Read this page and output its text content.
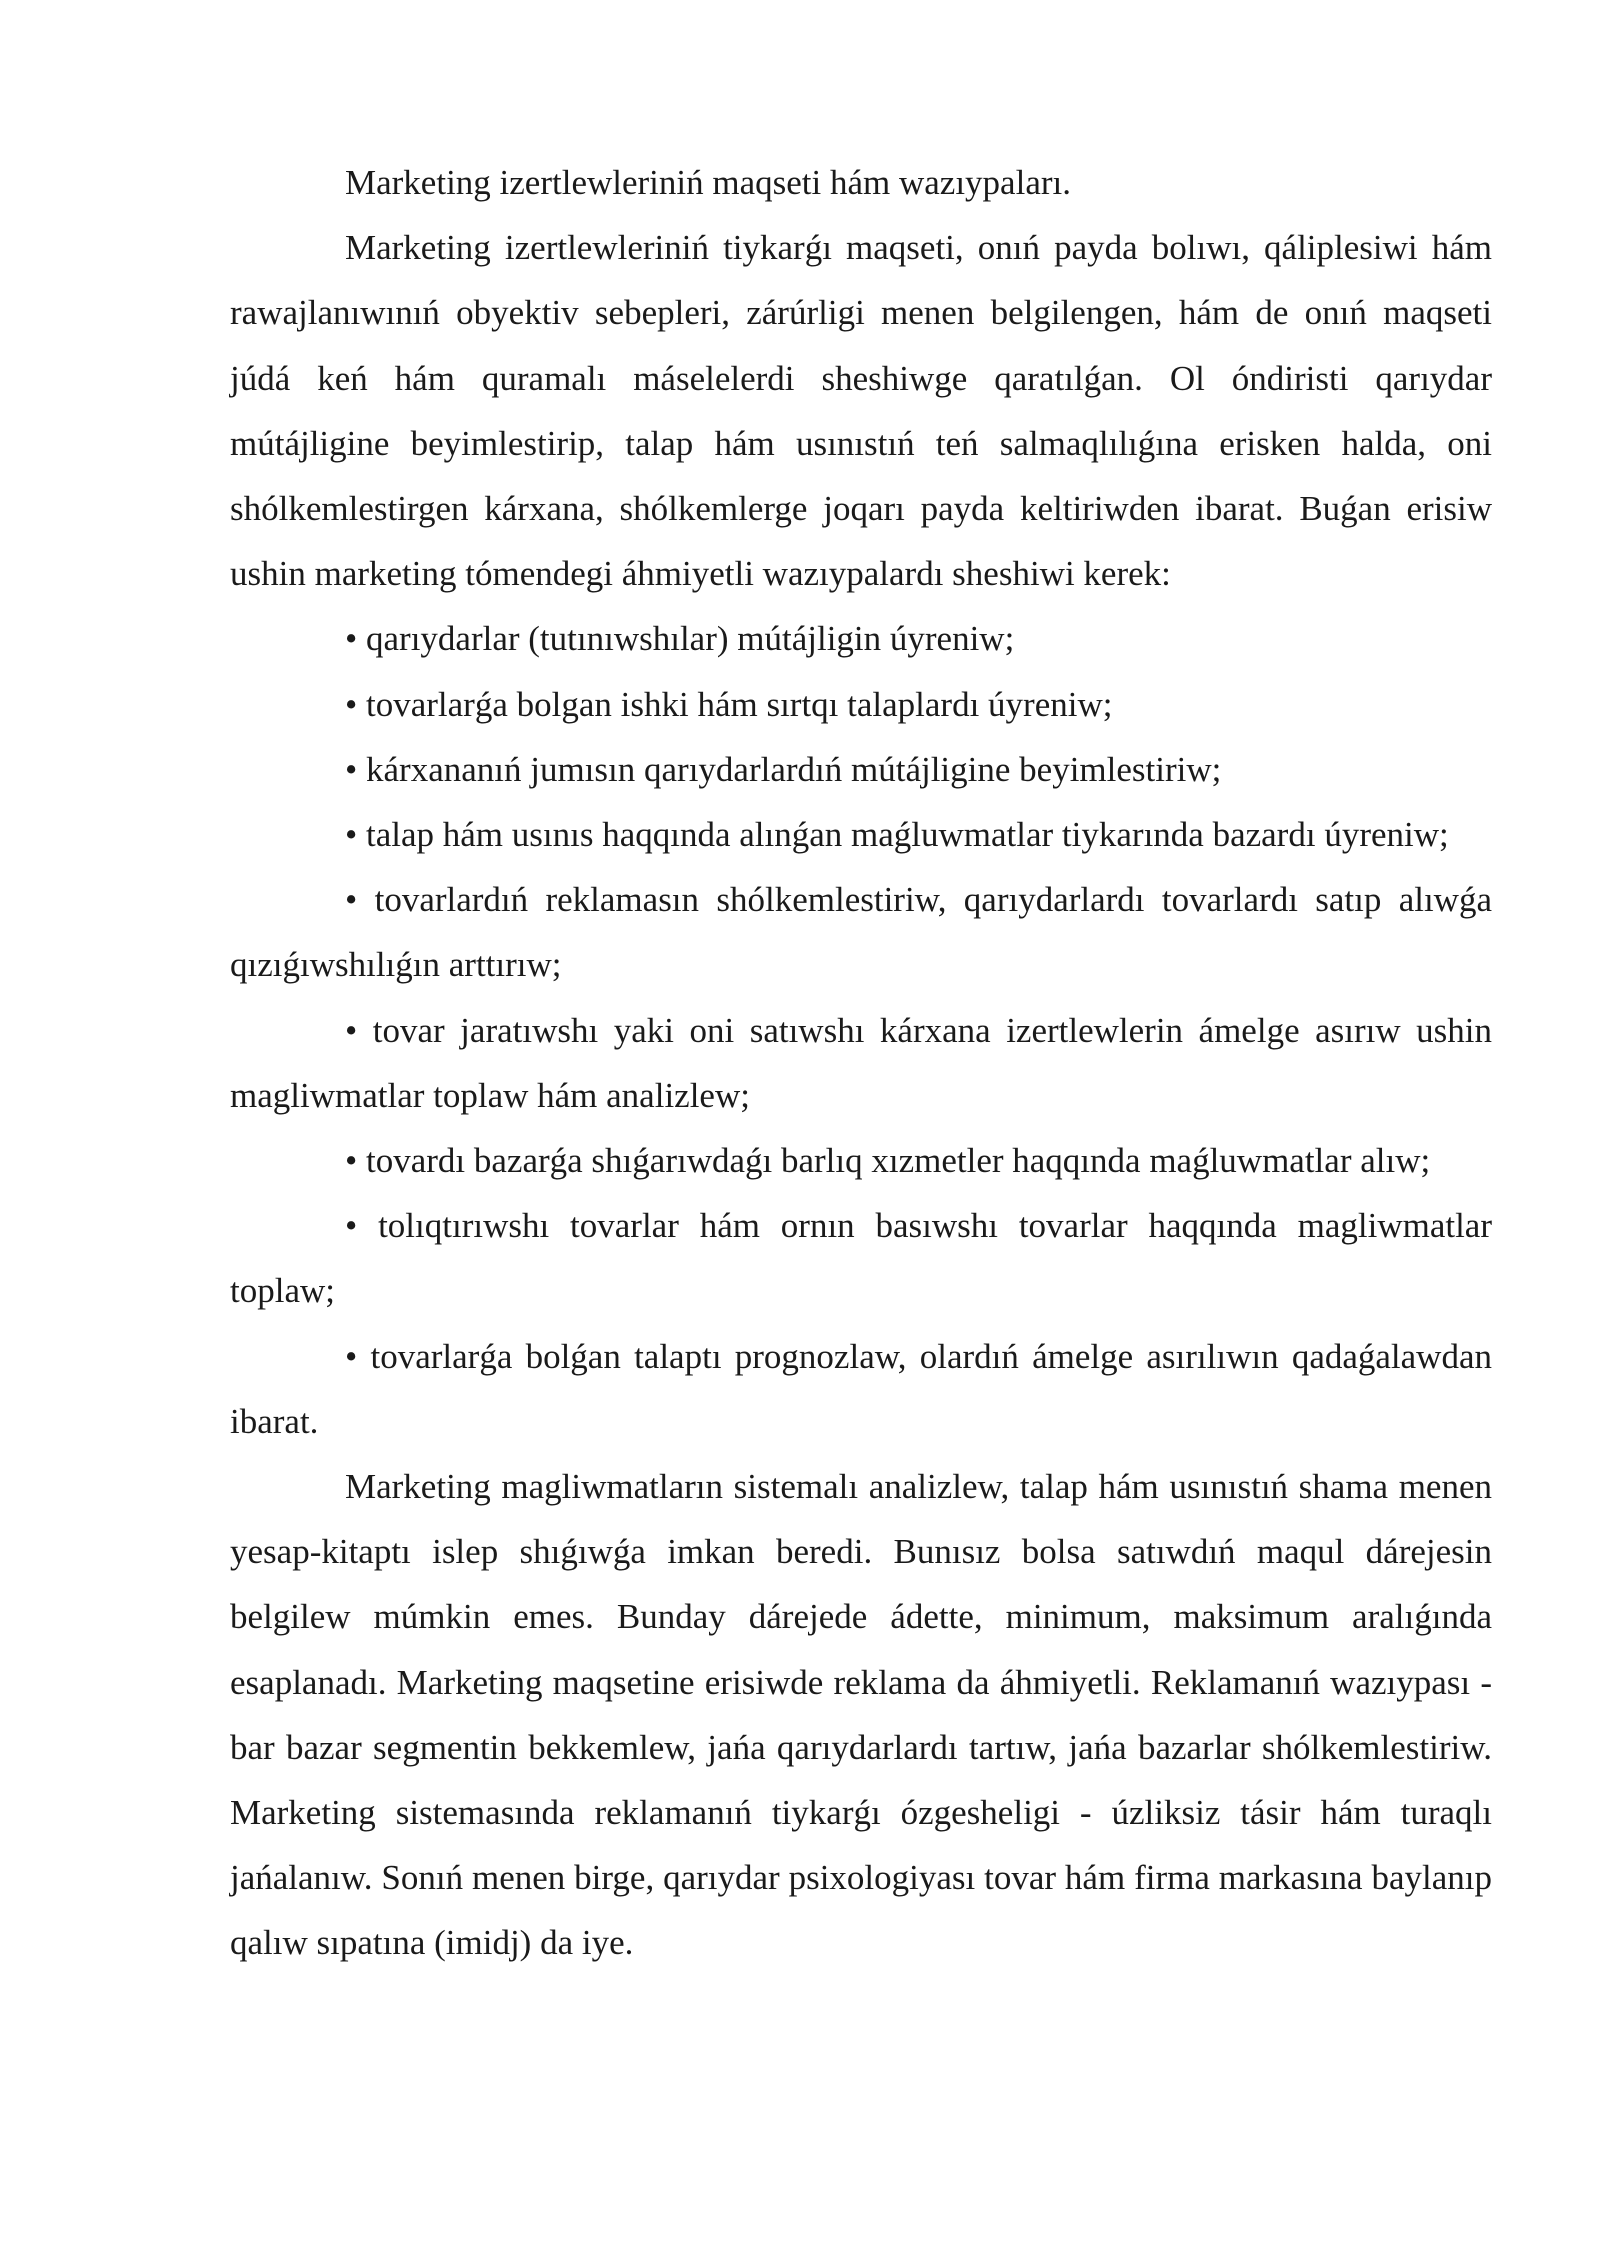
Marketing izertlewleriniń maqseti hám wazıypaları.

Marketing izertlewleriniń tiykarǵı maqseti, onıń payda bolıwı, qáliplesiwi hám rawajlanıwınıń obyektiv sebepleri, zárúrligi menen belgilengen, hám de onıń maqseti júdá keń hám quramalı máselelerdi sheshiwge qaratılǵan. Ol óndiristi qarıydar mútájligine beyimlestirip, talap hám usınıstıń teń salmaqlılıǵına erisken halda, oni shólkemlestirgen kárxana, shólkemlerge joqarı payda keltiriwden ibarat. Buǵan erisiw ushin marketing tómendegi áhmiyetli wazıypalardı sheshiwi kerek:

• qarıydarlar (tutınıwshılar) mútájligin úyreniw;

• tovarlarǵa bolgan ishki hám sırtqı talaplardı úyreniw;

• kárxananıń jumısın qarıydarlardıń mútájligine beyimlestiriw;

• talap hám usınıs haqqında alınǵan maǵluwmatlar tiykarında bazardı úyreniw;

• tovarlardıń reklamasın shólkemlestiriw, qarıydarlardı tovarlardı satıp alıwǵa qızıǵıwshılıǵın arttırıw;

• tovar jaratıwshı yaki oni satıwshı kárxana izertlewlerin ámelge asırıw ushin magliwmatlar toplaw hám analizlew;

• tovardı bazarǵa shıǵarıwdaǵı barlıq xızmetler haqqında maǵluwmatlar alıw;

• tolıqtırıwshı tovarlar hám ornın basıwshı tovarlar haqqında magliwmatlar toplaw;

• tovarlarǵa bolǵan talaptı prognozlaw, olardıń ámelge asırılıwın qadaǵalawdan ibarat.

Marketing magliwmatların sistemalı analizlew, talap hám usınıstıń shama menen yesap-kitaptı islep shıǵıwǵa imkan beredi. Bunısız bolsa satıwdıń maqul dárejesin belgilew múmkin emes. Bunday dárejede ádette, minimum, maksimum aralıǵında esaplanadı. Marketing maqsetine erisiwde reklama da áhmiyetli. Reklamanıń wazıypası - bar bazar segmentin bekkemlew, jańa qarıydarlardı tartıw, jańa bazarlar shólkemlestiriw. Marketing sistemasında reklamanıń tiykarǵı ózgesheligi - úzliksiz tásir hám turaqlı jańalanıw. Sonıń menen birge, qarıydar psixologiyası tovar hám firma markasına baylanıp qalıw sıpatına (imidj) da iye.
